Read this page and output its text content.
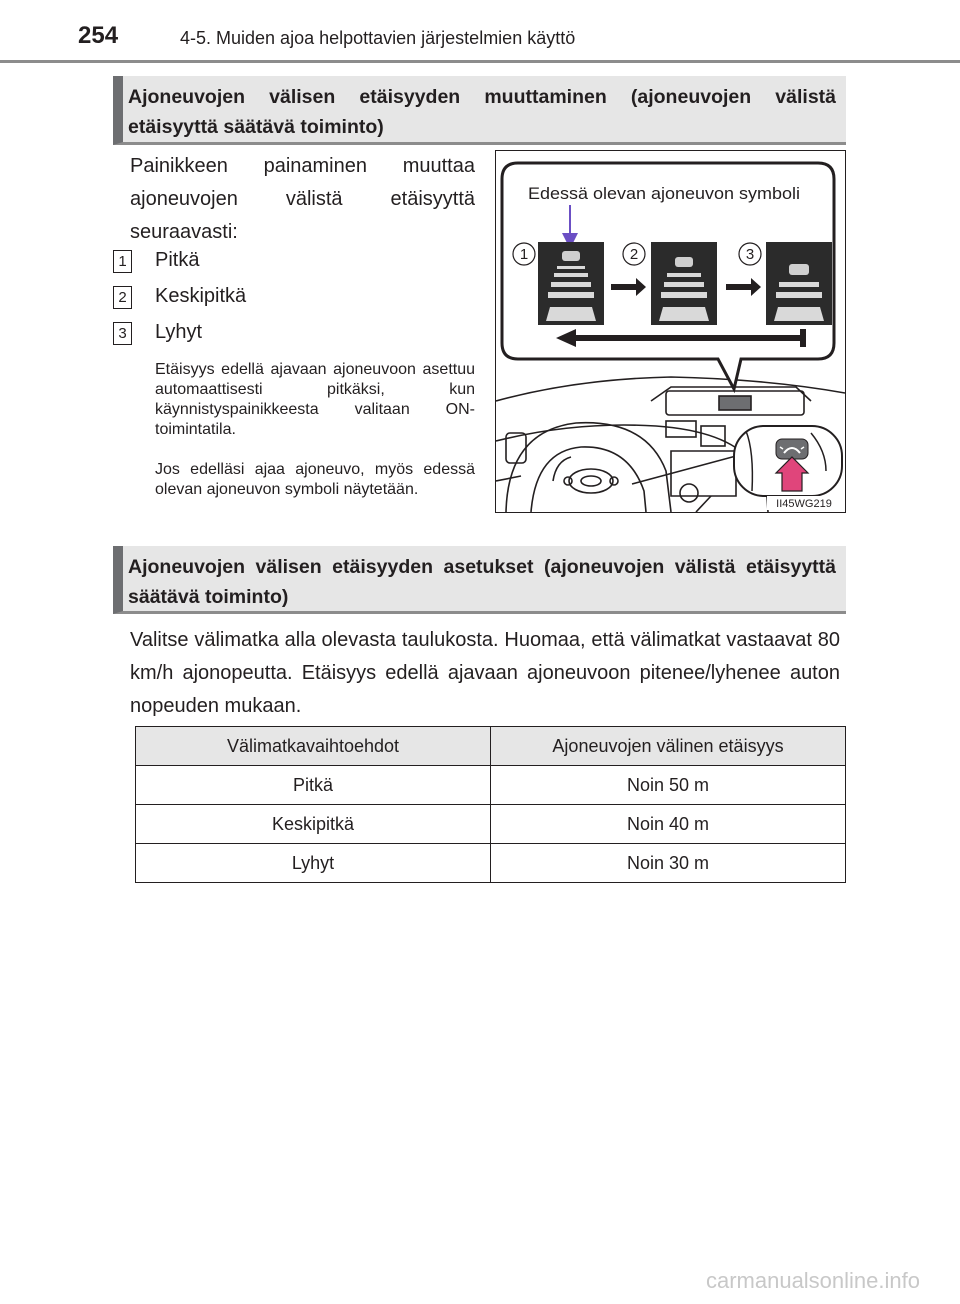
254	4-5. Muiden ajoa helpottavien järjestelmien käyttö
Ajoneuvojen välisen etäisyyden muuttaminen (ajoneuvojen välistä etäisyyttä säätävä toiminto)
Painikkeen painaminen muuttaa ajoneuvojen välistä etäisyyttä seuraavasti:
1 Pitkä
2 Keskipitkä
3 Lyhyt
Etäisyys edellä ajavaan ajoneuvoon asettuu automaattisesti pitkäksi, kun käynnistyspainikkeesta valitaan ON-toimintatila.
Jos edelläsi ajaa ajoneuvo, myös edessä olevan ajoneuvon symboli näytetään.
Edessä olevan ajoneuvon symboli
1	2	3
II45WG219
Ajoneuvojen välisen etäisyyden asetukset (ajoneuvojen välistä etäisyyttä säätävä toiminto)
Valitse välimatka alla olevasta taulukosta. Huomaa, että välimatkat vastaavat 80 km/h ajonopeutta. Etäisyys edellä ajavaan ajoneuvoon pitenee/lyhenee auton nopeuden mukaan.
Välimatkavaihtoehdot	Ajoneuvojen välinen etäisyys
Pitkä	Noin 50 m
Keskipitkä	Noin 40 m
Lyhyt	Noin 30 m
carmanualsonline.info
